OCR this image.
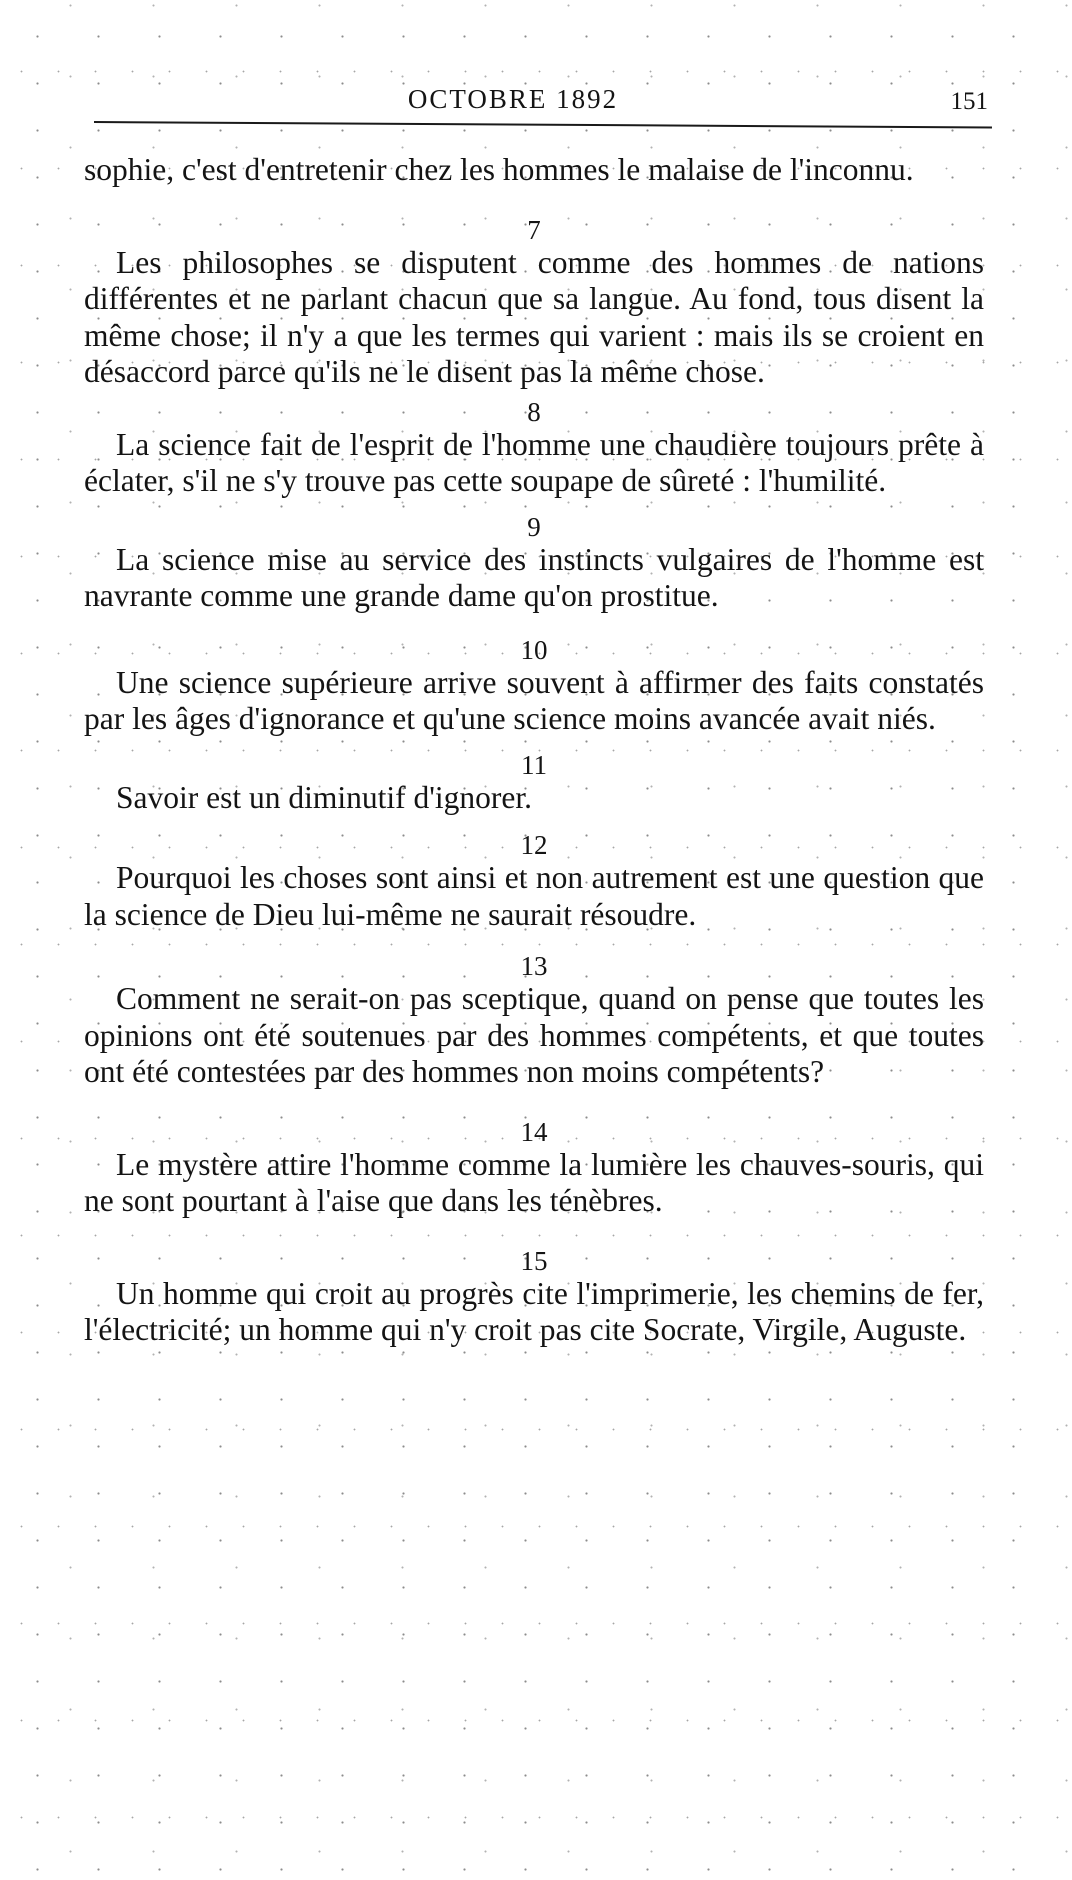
OCTOBRE 1892	151

sophie, c'est d'entretenir chez les hommes le malaise de l'inconnu.

7

Les philosophes se disputent comme des hommes de nations différentes et ne parlant chacun que sa langue. Au fond, tous disent la même chose; il n'y a que les termes qui varient : mais ils se croient en désaccord parce qu'ils ne le disent pas la même chose.

8

La science fait de l'esprit de l'homme une chaudière toujours prête à éclater, s'il ne s'y trouve pas cette soupape de sûreté : l'humilité.

9

La science mise au service des instincts vulgaires de l'homme est navrante comme une grande dame qu'on prostitue.

10

Une science supérieure arrive souvent à affirmer des faits constatés par les âges d'ignorance et qu'une science moins avancée avait niés.

11

Savoir est un diminutif d'ignorer.

12

Pourquoi les choses sont ainsi et non autrement est une question que la science de Dieu lui-même ne saurait résoudre.

13

Comment ne serait-on pas sceptique, quand on pense que toutes les opinions ont été soutenues par des hommes compétents, et que toutes ont été contestées par des hommes non moins compétents?

14

Le mystère attire l'homme comme la lumière les chauves-souris, qui ne sont pourtant à l'aise que dans les ténèbres.

15

Un homme qui croit au progrès cite l'imprimerie, les chemins de fer, l'électricité; un homme qui n'y croit pas cite Socrate, Virgile, Auguste.
